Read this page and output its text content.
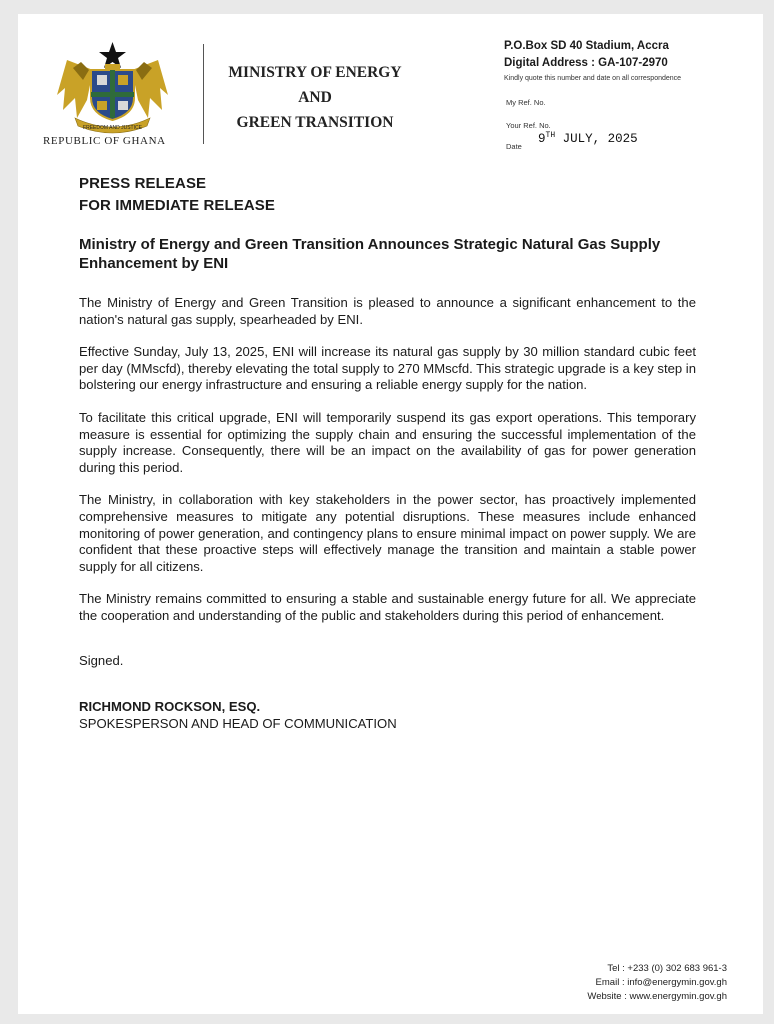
FREEDOM AND JUSTICE
REPUBLIC OF GHANA
MINISTRY OF ENERGY
AND
GREEN TRANSITION
P.O.Box SD 40 Stadium, Accra
Digital Address : GA-107-2970
Kindly quote this number and date on all correspondence
My Ref. No.
Your Ref. No.
Date
9TH JULY, 2025
PRESS RELEASE
FOR IMMEDIATE RELEASE
Ministry of Energy and Green Transition Announces Strategic Natural Gas Supply Enhancement by ENI

The Ministry of Energy and Green Transition is pleased to announce a significant enhancement to the nation's natural gas supply, spearheaded by ENI.

Effective Sunday, July 13, 2025, ENI will increase its natural gas supply by 30 million standard cubic feet per day (MMscfd), thereby elevating the total supply to 270 MMscfd. This strategic upgrade is a key step in bolstering our energy infrastructure and ensuring a reliable energy supply for the nation.

To facilitate this critical upgrade, ENI will temporarily suspend its gas export operations. This temporary measure is essential for optimizing the supply chain and ensuring the successful implementation of the supply increase. Consequently, there will be an impact on the availability of gas for power generation during this period.

The Ministry, in collaboration with key stakeholders in the power sector, has proactively implemented comprehensive measures to mitigate any potential disruptions. These measures include enhanced monitoring of power generation, and contingency plans to ensure minimal impact on power supply. We are confident that these proactive steps will effectively manage the transition and maintain a stable power supply for all citizens.

The Ministry remains committed to ensuring a stable and sustainable energy future for all. We appreciate the cooperation and understanding of the public and stakeholders during this period of enhancement.

Signed.

RICHMOND ROCKSON, ESQ.

SPOKESPERSON AND HEAD OF COMMUNICATION

Tel : +233 (0) 302 683 961-3
Email : info@energymin.gov.gh
Website : www.energymin.gov.gh
